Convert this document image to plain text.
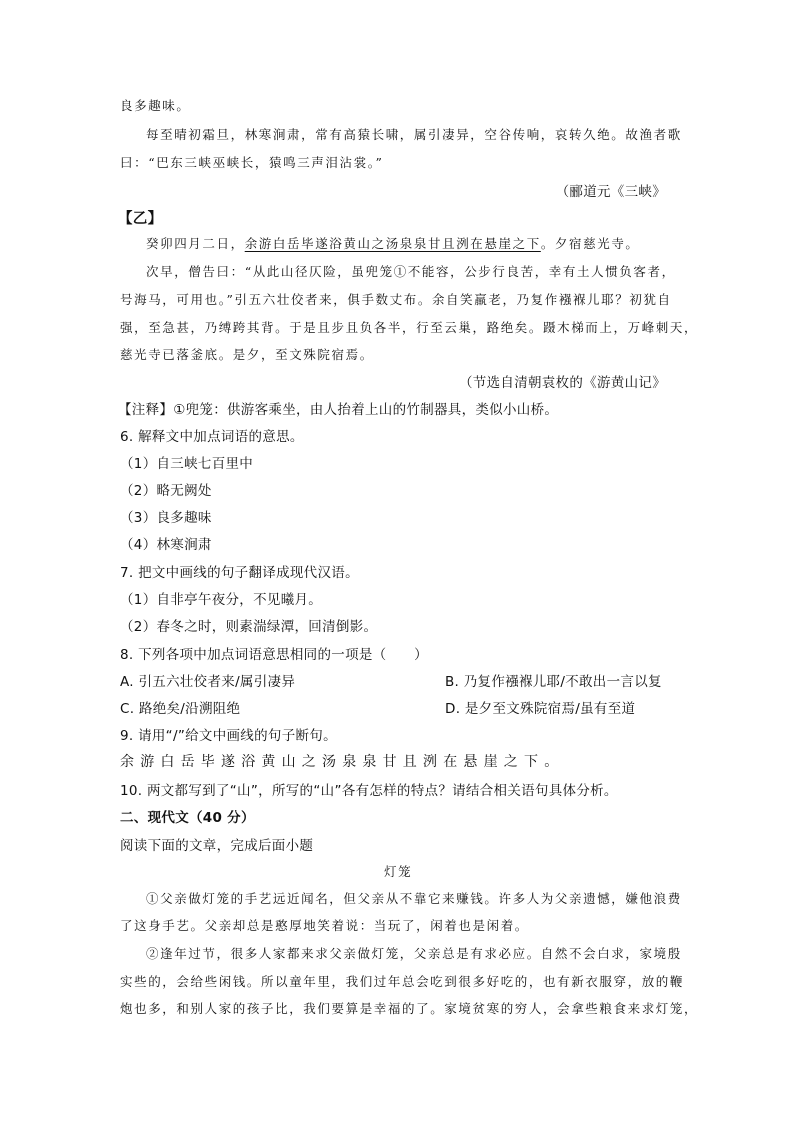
良多趣味。
每至晴初霜旦，林寒涧肃，常有高猿长啸，属引凄异，空谷传响，哀转久绝。故渔者歌
曰：“巴东三峡巫峡长，猿鸣三声泪沾裳。”
（郦道元《三峡》
【乙】
癸卯四月二日，余游白岳毕遂浴黄山之汤泉泉甘且洌在悬崖之下。夕宿慈光寺。
次早，僧告曰：“从此山径仄险，虽兜笼①不能容，公步行良苦，幸有土人惯负客者，
号海马，可用也。”引五六壮佼者来，俱手数丈布。余自笑羸老，乃复作襁褓儿耶？初犹自
强，至急甚，乃缚跨其背。于是且步且负各半，行至云巢，路绝矣。蹑木梯而上，万峰刺天，
慈光寺已落釜底。是夕，至文殊院宿焉。
（节选自清朝袁枚的《游黄山记》
【注释】①兜笼：供游客乘坐，由人抬着上山的竹制器具，类似小山桥。
6. 解释文中加点词语的意思。
（1）自三峡七百里中
（2）略无阙处
（3）良多趣味
（4）林寒涧肃
7. 把文中画线的句子翻译成现代汉语。
（1）自非亭午夜分，不见曦月。
（2）春冬之时，则素湍绿潭，回清倒影。
8. 下列各项中加点词语意思相同的一项是（　　）
A. 引五六壮佼者来/属引凄异	B. 乃复作襁褓儿耶/不敢出一言以复
C. 路绝矣/沿溯阻绝	D. 是夕至文殊院宿焉/虽有至道
9. 请用“/”给文中画线的句子断句。
余游白岳毕遂浴黄山之汤泉泉甘且洌在悬崖之下。
10. 两文都写到了“山”，所写的“山”各有怎样的特点？请结合相关语句具体分析。
二、现代文（40 分）
阅读下面的文章，完成后面小题
灯笼
①父亲做灯笼的手艺远近闻名，但父亲从不靠它来赚钱。许多人为父亲遗憾，嫌他浪费
了这身手艺。父亲却总是憨厚地笑着说：当玩了，闲着也是闲着。
②逢年过节，很多人家都来求父亲做灯笼，父亲总是有求必应。自然不会白求，家境殷
实些的，会给些闲钱。所以童年里，我们过年总会吃到很多好吃的，也有新衣服穿，放的鞭
炮也多，和别人家的孩子比，我们要算是幸福的了。家境贫寒的穷人，会拿些粮食来求灯笼，
